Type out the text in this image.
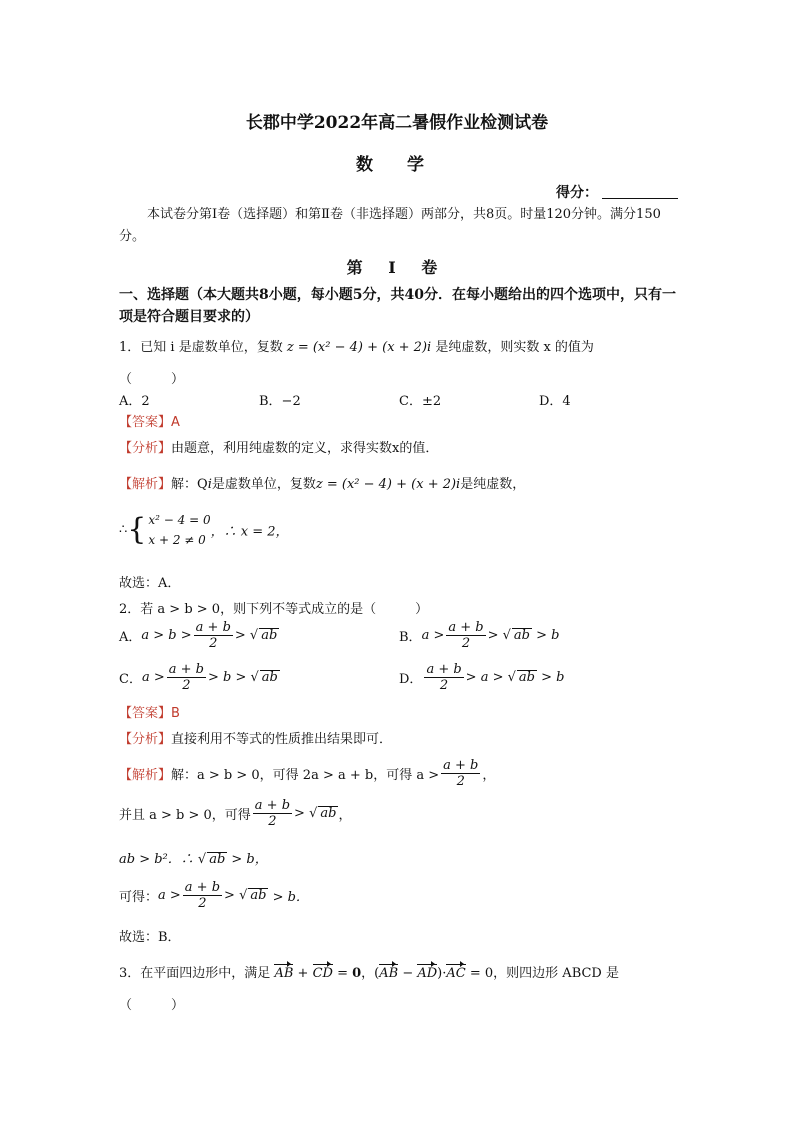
长郡中学2022年高二暑假作业检测试卷
数 学
得分：
本试卷分第Ⅰ卷（选择题）和第Ⅱ卷（非选择题）两部分，共8页。时量120分钟。满分150分。
第 Ⅰ 卷
一、选择题（本大题共8小题，每小题5分，共40分．在每小题给出的四个选项中，只有一项是符合题目要求的）
1．已知 i 是虚数单位，复数 z = (x² − 4) + (x + 2)i 是纯虚数，则实数 x 的值为
（　　　）
A．2	B．−2	C．±2	D．4
【答案】A
【分析】由题意，利用纯虚数的定义，求得实数x的值．
【解析】解：Qi是虚数单位，复数z = (x² − 4) + (x + 2)i是纯虚数，
∴{ x² − 4 = 0
x + 2 ≠ 0
，∴ x = 2，
故选：A．
2．若 a > b > 0，则下列不等式成立的是（　　　）
A．$a > b > \frac{a + b}{2}$ > √ ab	B．$a > \frac{a + b}{2}$ > √ ab > b
C．$a > \frac{a + b}{2} > b$ > √ ab	D． $\frac{a + b}{2} > a$ > √ ab > b
【答案】B
【分析】直接利用不等式的性质推出结果即可．
【解析】解：a > b > 0，可得 2a > a + b，可得 $a > \frac{a + b}{2}$ ，
并且 a > b > 0，可得 $\frac{a + b}{2}$ > √ ab ，
ab > b²．∴ √ ab > b，
可得：$a > \frac{a + b}{2}$ > √ ab > b．
故选：B．
3．在平面四边形中，满足 AB + CD = 0，(AB − AD)·AC = 0，则四边形 ABCD 是
（　　　）
